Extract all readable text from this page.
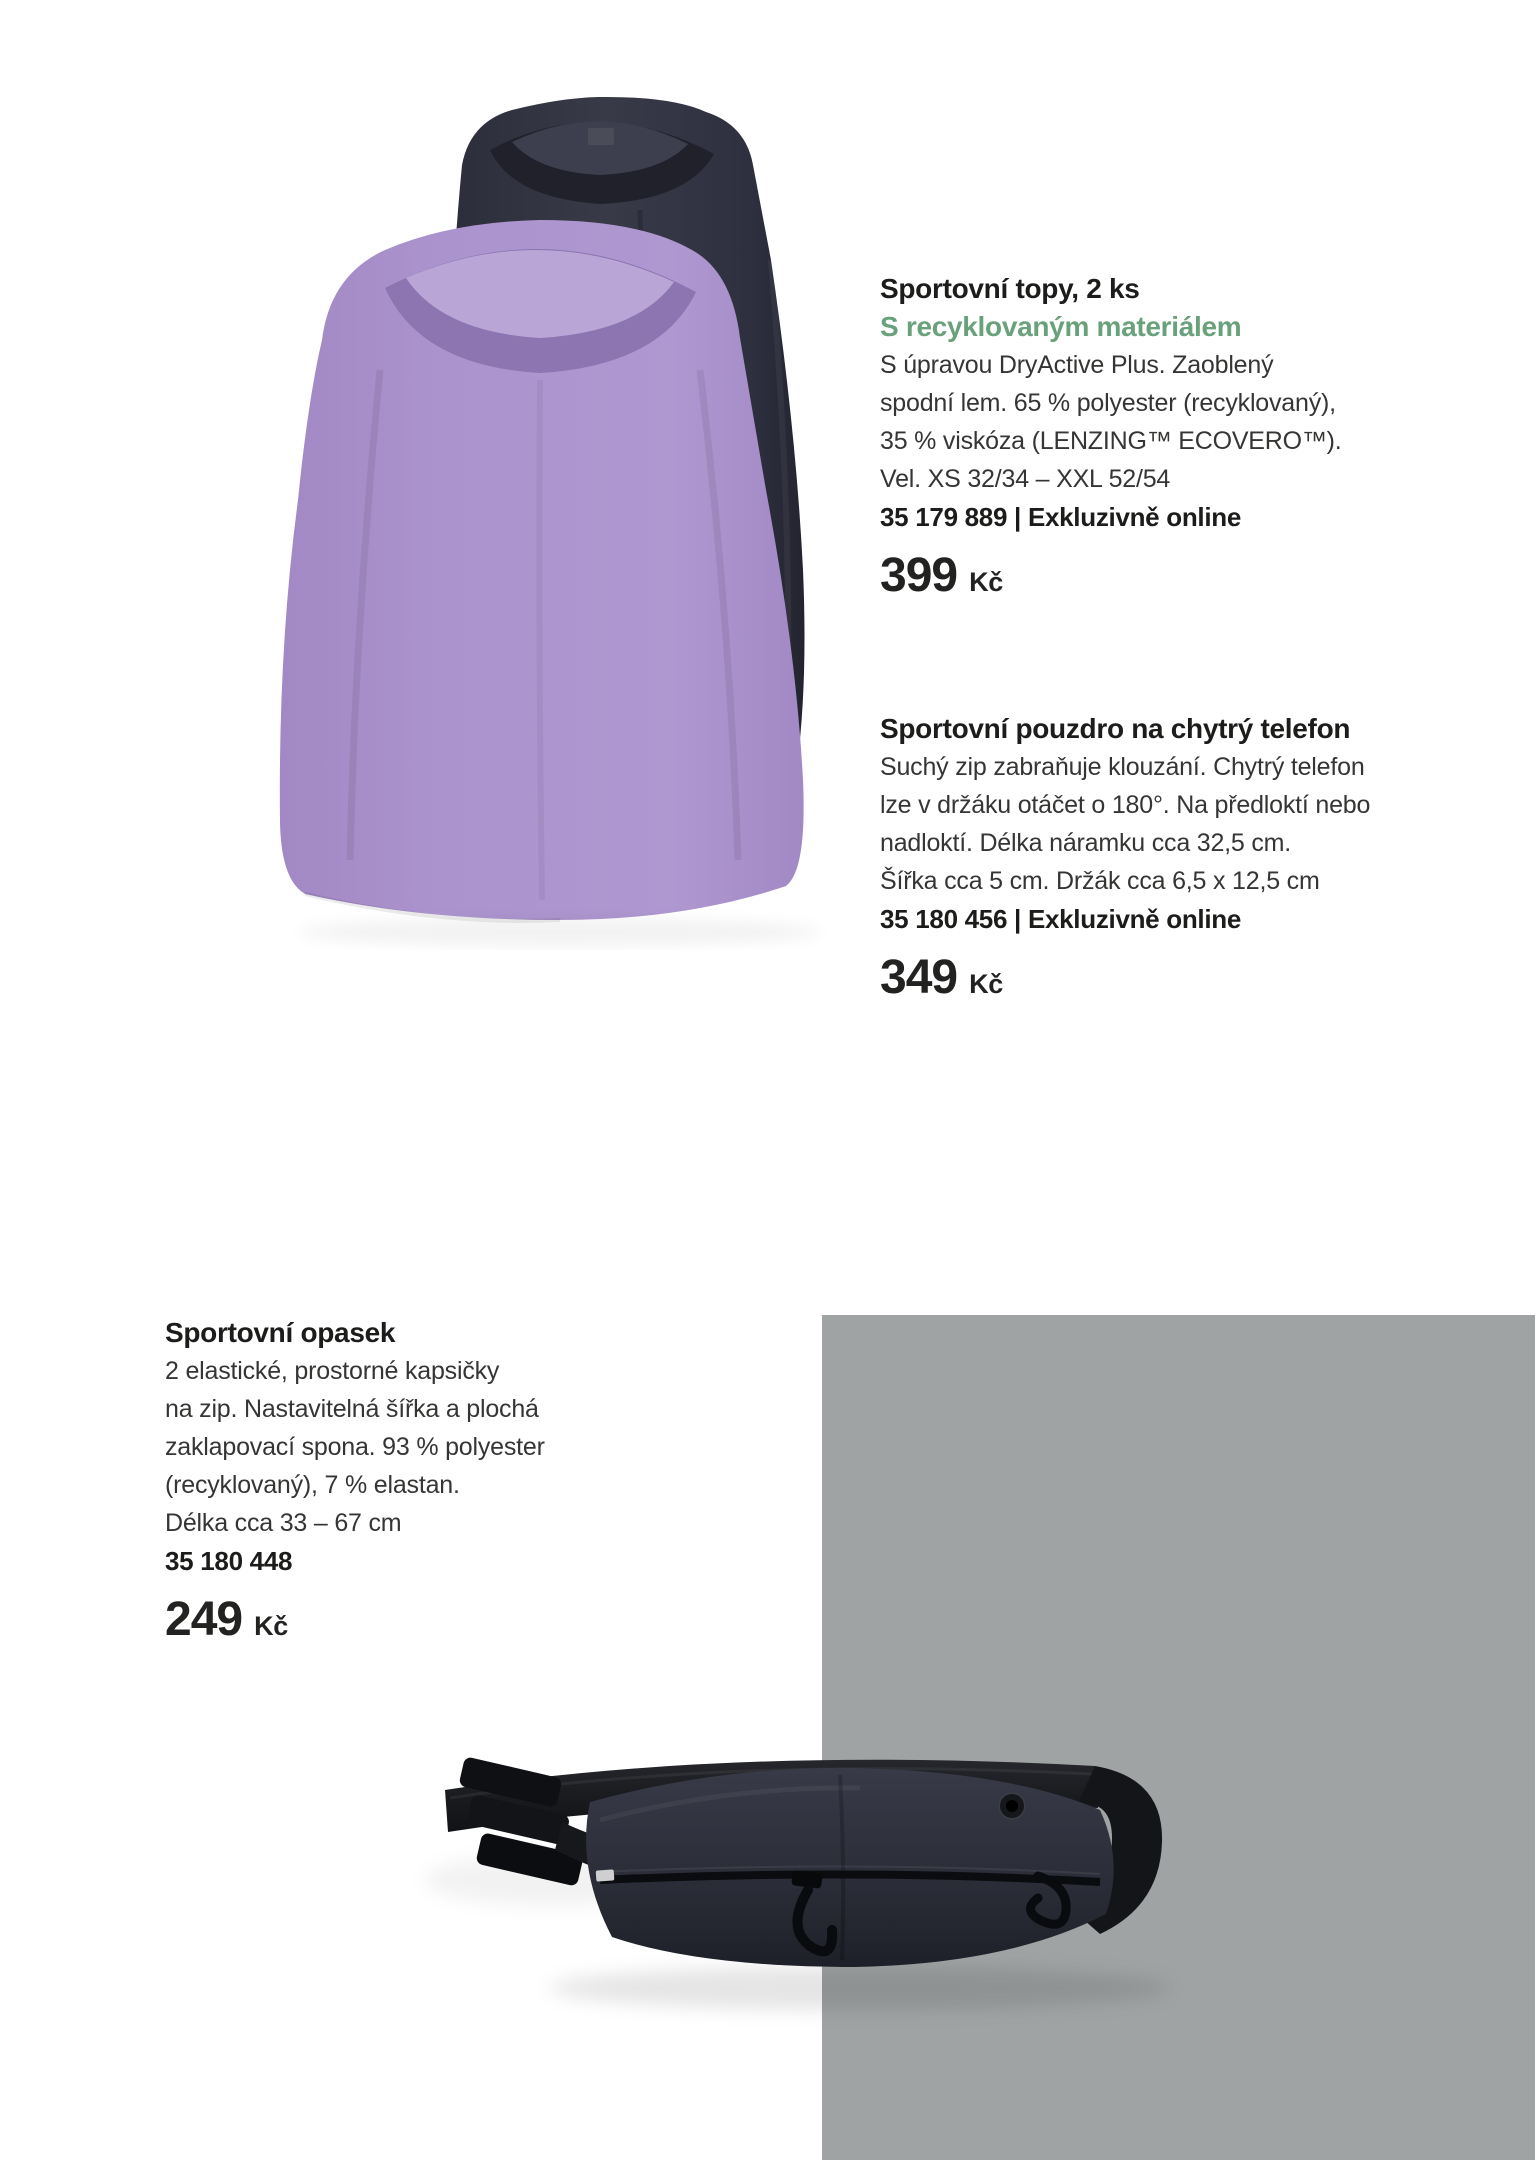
Sportovní topy, 2 ks

S recyklovaným materiálem

S úpravou DryActive Plus. Zaoblený

spodní lem. 65 % polyester (recyklovaný),

35 % viskóza (LENZING™ ECOVERO™).

Vel. XS 32/34 – XXL 52/54

35 179 889 | Exkluzivně online

399 Kč
Sportovní pouzdro na chytrý telefon

Suchý zip zabraňuje klouzání. Chytrý telefon

lze v držáku otáčet o 180°. Na předloktí nebo

nadloktí. Délka náramku cca 32,5 cm.

Šířka cca 5 cm. Držák cca 6,5 x 12,5 cm

35 180 456 | Exkluzivně online

349 Kč
Sportovní opasek

2 elastické, prostorné kapsičky

na zip. Nastavitelná šířka a plochá

zaklapovací spona. 93 % polyester

(recyklovaný), 7 % elastan.

Délka cca 33 – 67 cm

35 180 448

249 Kč
